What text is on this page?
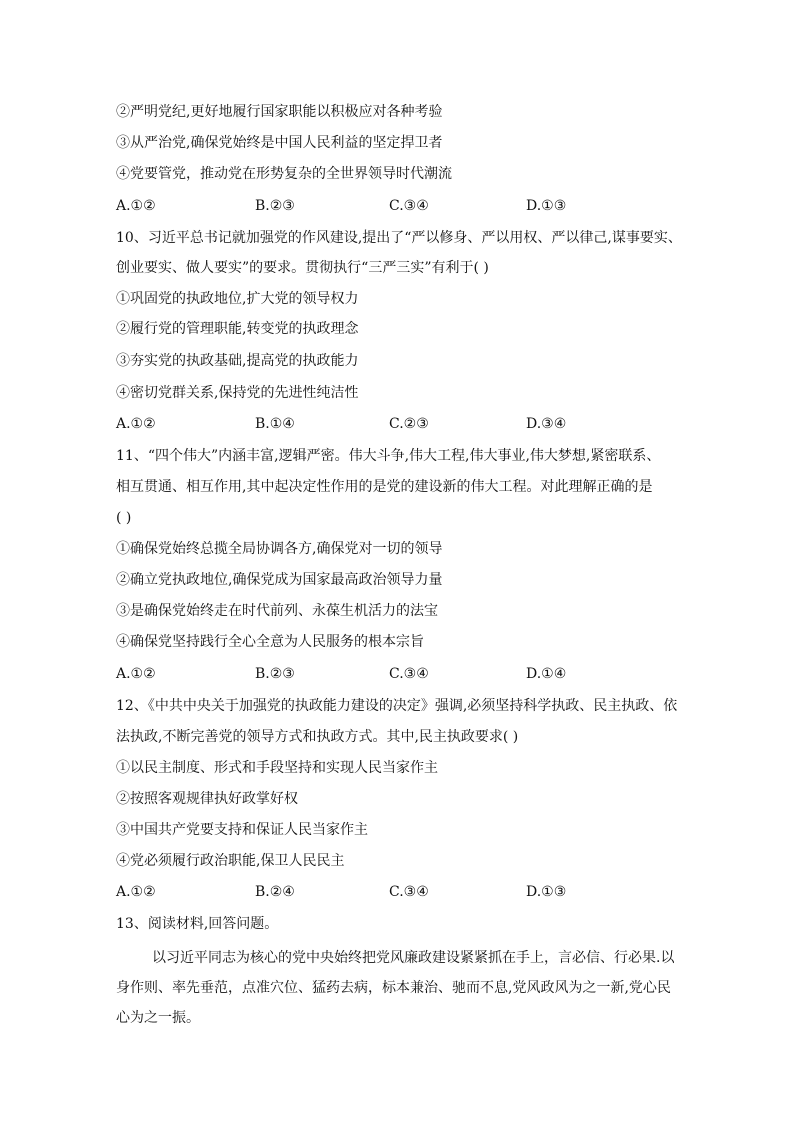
②严明党纪,更好地履行国家职能以积极应对各种考验
③从严治党,确保党始终是中国人民利益的坚定捍卫者
④党要管党，推动党在形势复杂的全世界领导时代潮流
A.①②	B.②③	C.③④	D.①③
10、习近平总书记就加强党的作风建设,提出了“严以修身、严以用权、严以律己,谋事要实、
创业要实、做人要实”的要求。贯彻执行“三严三实”有利于( )
①巩固党的执政地位,扩大党的领导权力
②履行党的管理职能,转变党的执政理念
③夯实党的执政基础,提高党的执政能力
④密切党群关系,保持党的先进性纯洁性
A.①②	B.①④	C.②③	D.③④
11、“四个伟大”内涵丰富,逻辑严密。伟大斗争,伟大工程,伟大事业,伟大梦想,紧密联系、
相互贯通、相互作用,其中起决定性作用的是党的建设新的伟大工程。对此理解正确的是
( )
①确保党始终总揽全局协调各方,确保党对一切的领导
②确立党执政地位,确保党成为国家最高政治领导力量
③是确保党始终走在时代前列、永葆生机活力的法宝
④确保党坚持践行全心全意为人民服务的根本宗旨
A.①②	B.②③	C.③④	D.①④
12、《中共中央关于加强党的执政能力建设的决定》强调,必须坚持科学执政、民主执政、依
法执政,不断完善党的领导方式和执政方式。其中,民主执政要求( )
①以民主制度、形式和手段坚持和实现人民当家作主
②按照客观规律执好政掌好权
③中国共产党要支持和保证人民当家作主
④党必须履行政治职能,保卫人民民主
A.①②	B.②④	C.③④	D.①③
13、阅读材料,回答问题。
以习近平同志为核心的党中央始终把党风廉政建设紧紧抓在手上，言必信、行必果.以身作则、率先垂范，点准穴位、猛药去病，标本兼治、驰而不息,党风政风为之一新,党心民心为之一振。
